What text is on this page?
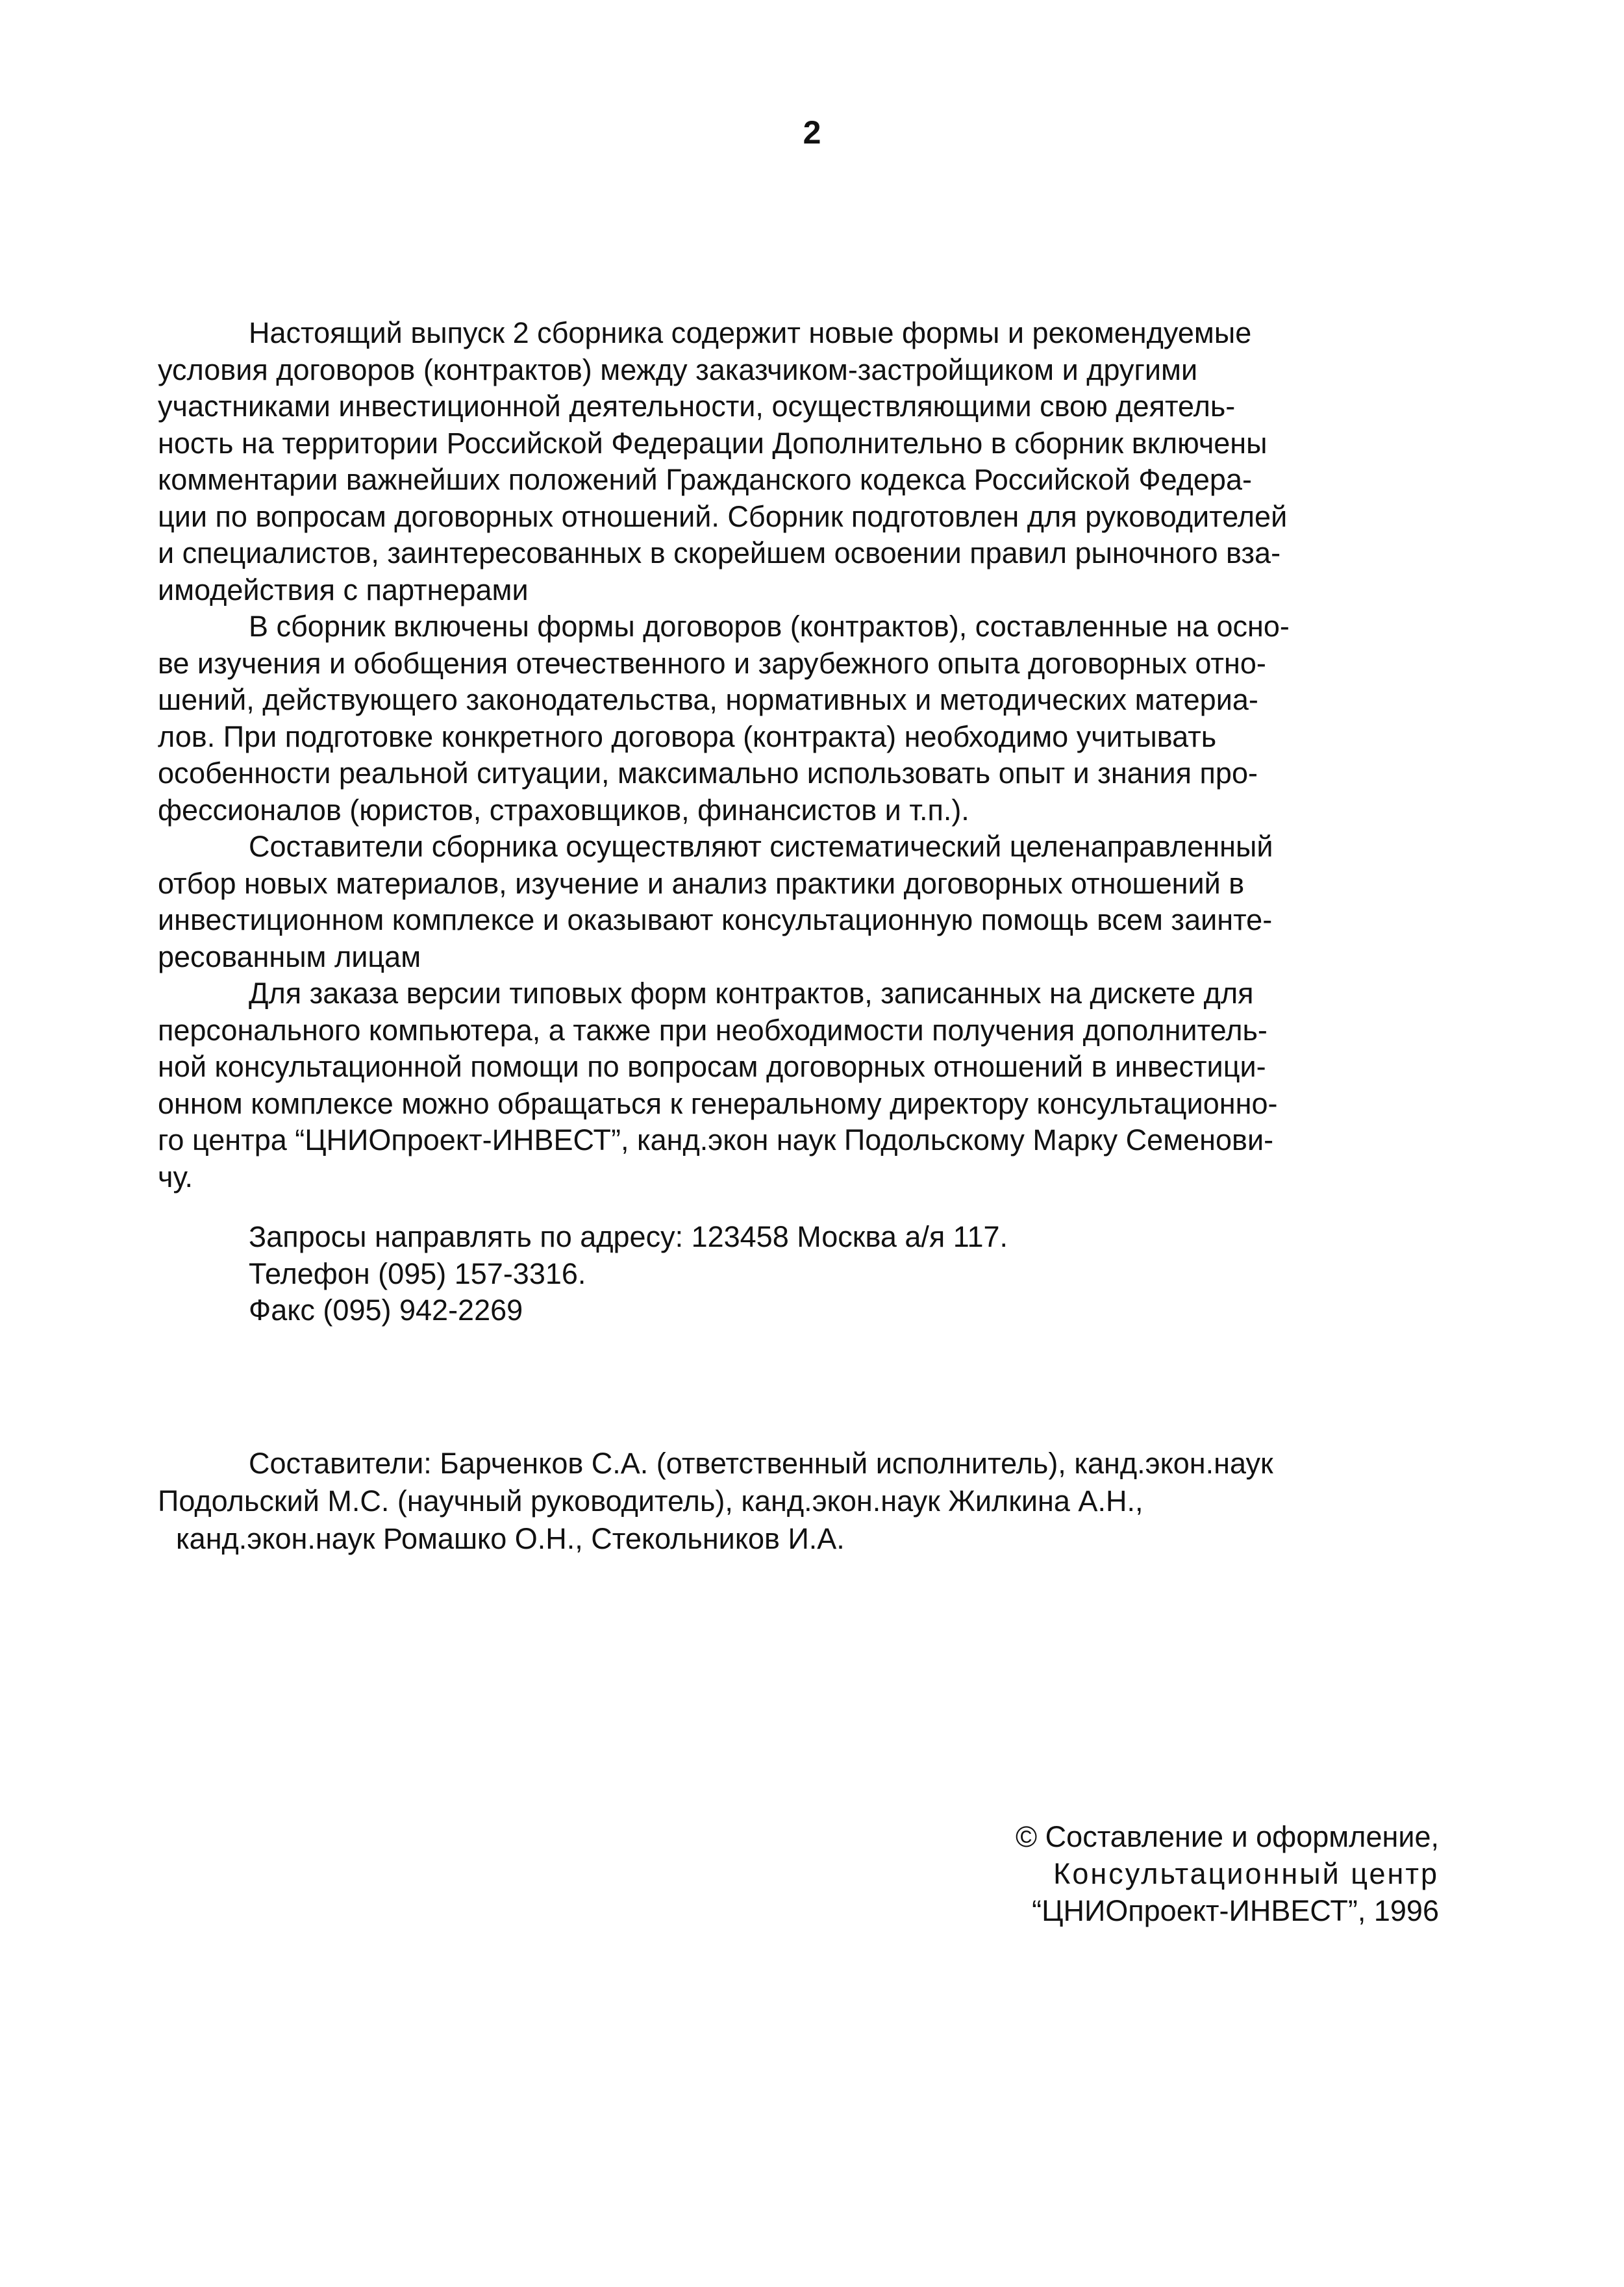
2

Настоящий выпуск 2 сборника содержит новые формы и рекомендуемые
условия договоров (контрактов) между заказчиком-застройщиком и другими
участниками инвестиционной деятельности, осуществляющими свою деятель-
ность на территории Российской Федерации Дополнительно в сборник включены
комментарии важнейших положений Гражданского кодекса Российской Федера-
ции по вопросам договорных отношений. Сборник подготовлен для руководителей
и специалистов, заинтересованных в скорейшем освоении правил рыночного вза-
имодействия с партнерами

В сборник включены формы договоров (контрактов), составленные на осно-
ве изучения и обобщения отечественного и зарубежного опыта договорных отно-
шений, действующего законодательства, нормативных и методических материа-
лов. При подготовке конкретного договора (контракта) необходимо учитывать
особенности реальной ситуации, максимально использовать опыт и знания про-
фессионалов (юристов, страховщиков, финансистов и т.п.).

Составители сборника осуществляют систематический целенаправленный
отбор новых материалов, изучение и анализ практики договорных отношений в
инвестиционном комплексе и оказывают консультационную помощь всем заинте-
ресованным лицам

Для заказа версии типовых форм контрактов, записанных на дискете для
персонального компьютера, а также при необходимости получения дополнитель-
ной консультационной помощи по вопросам договорных отношений в инвестици-
онном комплексе можно обращаться к генеральному директору консультационно-
го центра “ЦНИОпроект-ИНВЕСТ”, канд.экон наук Подольскому Марку Семенови-
чу.

Запросы направлять по адресу: 123458 Москва а/я 117.
Телефон (095) 157-3316.
Факс (095) 942-2269
Составители: Барченков С.А. (ответственный исполнитель), канд.экон.наук
Подольский М.С. (научный руководитель), канд.экон.наук Жилкина А.Н.,
канд.экон.наук Ромашко О.Н., Стекольников И.А.
© Составление и оформление,
Консультационный центр
“ЦНИОпроект-ИНВЕСТ”, 1996
